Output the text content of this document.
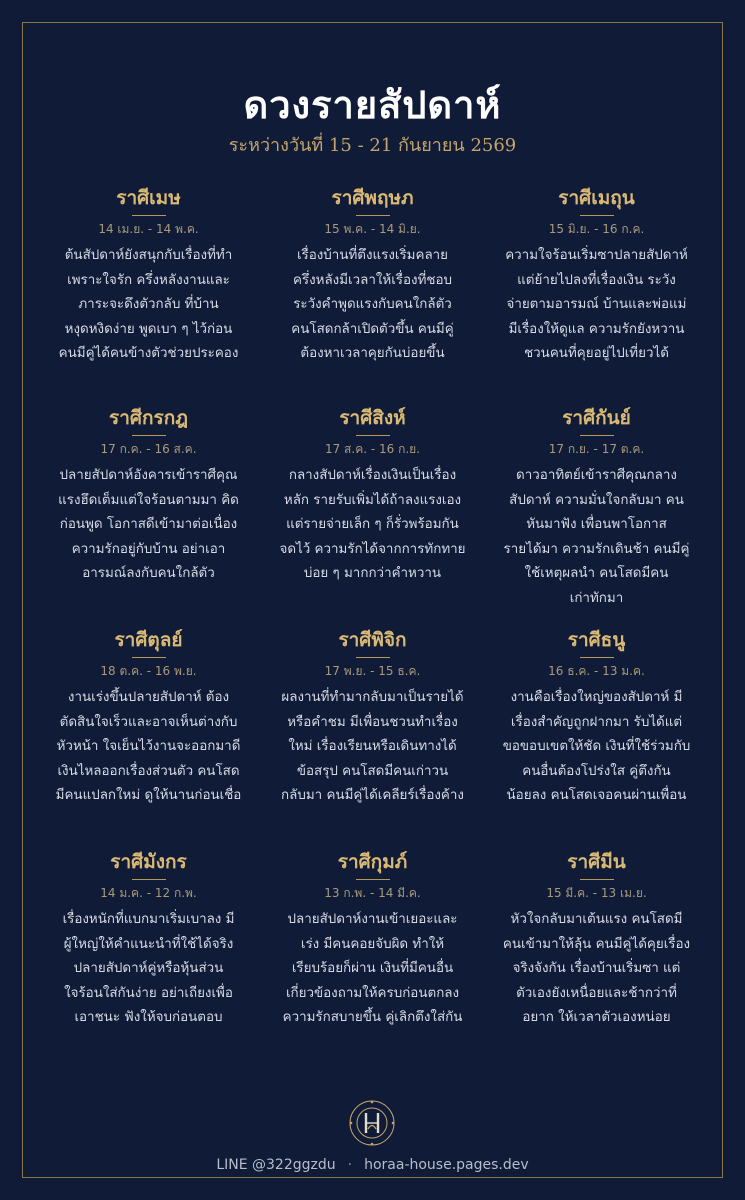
ดวงรายสัปดาห์
ระหว่างวันที่ 15 - 21 กันยายน 2569
ราศีเมษ
14 เม.ย. - 14 พ.ค.
ต้นสัปดาห์ยังสนุกกับเรื่องที่ทำ
เพราะใจรัก ครึ่งหลังงานและ
ภาระจะดึงตัวกลับ ที่บ้าน
หงุดหงิดง่าย พูดเบา ๆ ไว้ก่อน
คนมีคู่ได้คนข้างตัวช่วยประคอง
ราศีพฤษภ
15 พ.ค. - 14 มิ.ย.
เรื่องบ้านที่ตึงแรงเริ่มคลาย
ครึ่งหลังมีเวลาให้เรื่องที่ชอบ
ระวังคำพูดแรงกับคนใกล้ตัว
คนโสดกล้าเปิดตัวขึ้น คนมีคู่
ต้องหาเวลาคุยกันบ่อยขึ้น
ราศีเมถุน
15 มิ.ย. - 16 ก.ค.
ความใจร้อนเริ่มซาปลายสัปดาห์
แต่ย้ายไปลงที่เรื่องเงิน ระวัง
จ่ายตามอารมณ์ บ้านและพ่อแม่
มีเรื่องให้ดูแล ความรักยังหวาน
ชวนคนที่คุยอยู่ไปเที่ยวได้
ราศีกรกฎ
17 ก.ค. - 16 ส.ค.
ปลายสัปดาห์อังคารเข้าราศีคุณ
แรงฮึดเต็มแต่ใจร้อนตามมา คิด
ก่อนพูด โอกาสดีเข้ามาต่อเนื่อง
ความรักอยู่กับบ้าน อย่าเอา
อารมณ์ลงกับคนใกล้ตัว
ราศีสิงห์
17 ส.ค. - 16 ก.ย.
กลางสัปดาห์เรื่องเงินเป็นเรื่อง
หลัก รายรับเพิ่มได้ถ้าลงแรงเอง
แต่รายจ่ายเล็ก ๆ ก็รั่วพร้อมกัน
จดไว้ ความรักได้จากการทักทาย
บ่อย ๆ มากกว่าคำหวาน
ราศีกันย์
17 ก.ย. - 17 ต.ค.
ดาวอาทิตย์เข้าราศีคุณกลาง
สัปดาห์ ความมั่นใจกลับมา คน
หันมาฟัง เพื่อนพาโอกาส
รายได้มา ความรักเดินช้า คนมีคู่
ใช้เหตุผลนำ คนโสดมีคน
เก่าทักมา
ราศีตุลย์
18 ต.ค. - 16 พ.ย.
งานเร่งขึ้นปลายสัปดาห์ ต้อง
ตัดสินใจเร็วและอาจเห็นต่างกับ
หัวหน้า ใจเย็นไว้งานจะออกมาดี
เงินไหลออกเรื่องส่วนตัว คนโสด
มีคนแปลกใหม่ ดูให้นานก่อนเชื่อ
ราศีพิจิก
17 พ.ย. - 15 ธ.ค.
ผลงานที่ทำมากลับมาเป็นรายได้
หรือคำชม มีเพื่อนชวนทำเรื่อง
ใหม่ เรื่องเรียนหรือเดินทางได้
ข้อสรุป คนโสดมีคนเก่าวน
กลับมา คนมีคู่ได้เคลียร์เรื่องค้าง
ราศีธนู
16 ธ.ค. - 13 ม.ค.
งานคือเรื่องใหญ่ของสัปดาห์ มี
เรื่องสำคัญถูกฝากมา รับได้แต่
ขอขอบเขตให้ชัด เงินที่ใช้ร่วมกับ
คนอื่นต้องโปร่งใส คู่ตึงกัน
น้อยลง คนโสดเจอคนผ่านเพื่อน
ราศีมังกร
14 ม.ค. - 12 ก.พ.
เรื่องหนักที่แบกมาเริ่มเบาลง มี
ผู้ใหญ่ให้คำแนะนำที่ใช้ได้จริง
ปลายสัปดาห์คู่หรือหุ้นส่วน
ใจร้อนใส่กันง่าย อย่าเถียงเพื่อ
เอาชนะ ฟังให้จบก่อนตอบ
ราศีกุมภ์
13 ก.พ. - 14 มี.ค.
ปลายสัปดาห์งานเข้าเยอะและ
เร่ง มีคนคอยจับผิด ทำให้
เรียบร้อยก็ผ่าน เงินที่มีคนอื่น
เกี่ยวข้องถามให้ครบก่อนตกลง
ความรักสบายขึ้น คู่เลิกตึงใส่กัน
ราศีมีน
15 มี.ค. - 13 เม.ย.
หัวใจกลับมาเต้นแรง คนโสดมี
คนเข้ามาให้ลุ้น คนมีคู่ได้คุยเรื่อง
จริงจังกัน เรื่องบ้านเริ่มซา แต่
ตัวเองยังเหนื่อยและช้ากว่าที่
อยาก ให้เวลาตัวเองหน่อย
LINE @322ggzdu · horaa-house.pages.dev
